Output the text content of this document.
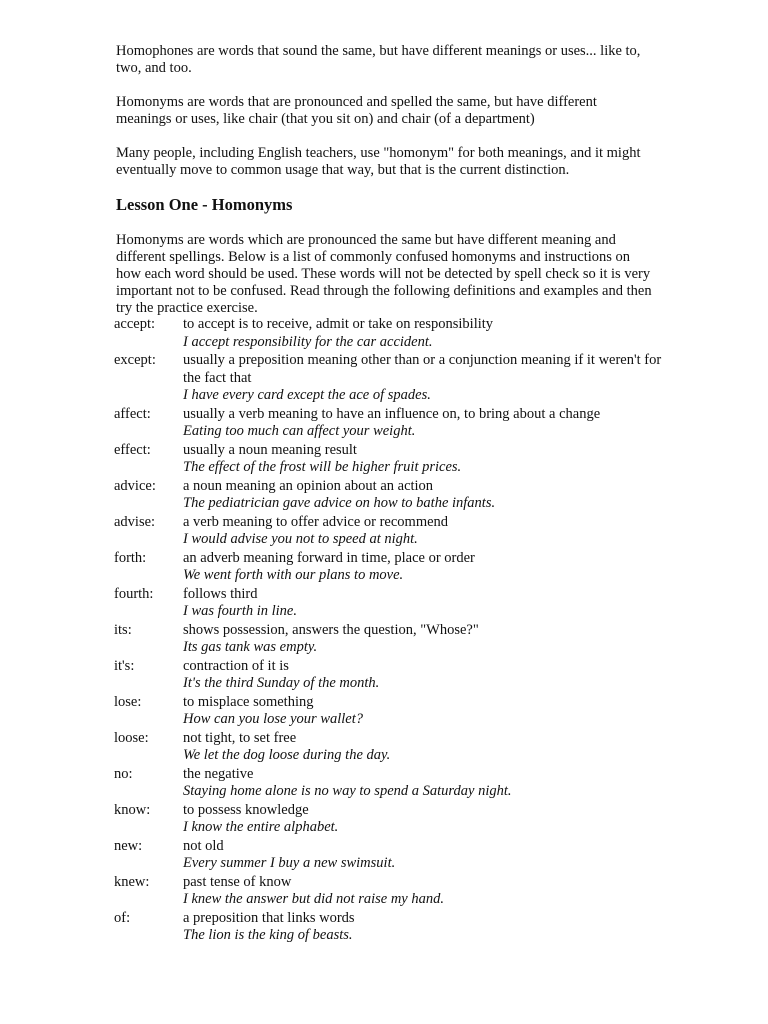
Homophones are words that sound the same, but have different meanings or uses... like to, two, and too.

Homonyms are words that are pronounced and spelled the same, but have different meanings or uses, like chair (that you sit on) and chair (of a department)

Many people, including English teachers, use "homonym" for both meanings, and it might eventually move to common usage that way, but that is the current distinction.

Lesson One - Homonyms

Homonyms are words which are pronounced the same but have different meaning and different spellings. Below is a list of commonly confused homonyms and instructions on how each word should be used. These words will not be detected by spell check so it is very important not to be confused. Read through the following definitions and examples and then try the practice exercise.

accept:	to accept is to receive, admit or take on responsibility
I accept responsibility for the car accident.
except:	usually a preposition meaning other than or a conjunction meaning if it weren't for the fact that
I have every card except the ace of spades.
affect:	usually a verb meaning to have an influence on, to bring about a change
Eating too much can affect your weight.
effect:	usually a noun meaning result
The effect of the frost will be higher fruit prices.
advice:	a noun meaning an opinion about an action
The pediatrician gave advice on how to bathe infants.
advise:	a verb meaning to offer advice or recommend
I would advise you not to speed at night.
forth:	an adverb meaning forward in time, place or order
We went forth with our plans to move.
fourth:	follows third
I was fourth in line.
its:	shows possession, answers the question, "Whose?"
Its gas tank was empty.
it's:	contraction of it is
It's the third Sunday of the month.
lose:	to misplace something
How can you lose your wallet?
loose:	not tight, to set free
We let the dog loose during the day.
no:	the negative
Staying home alone is no way to spend a Saturday night.
know:	to possess knowledge
I know the entire alphabet.
new:	not old
Every summer I buy a new swimsuit.
knew:	past tense of know
I knew the answer but did not raise my hand.
of:	a preposition that links words
The lion is the king of beasts.
